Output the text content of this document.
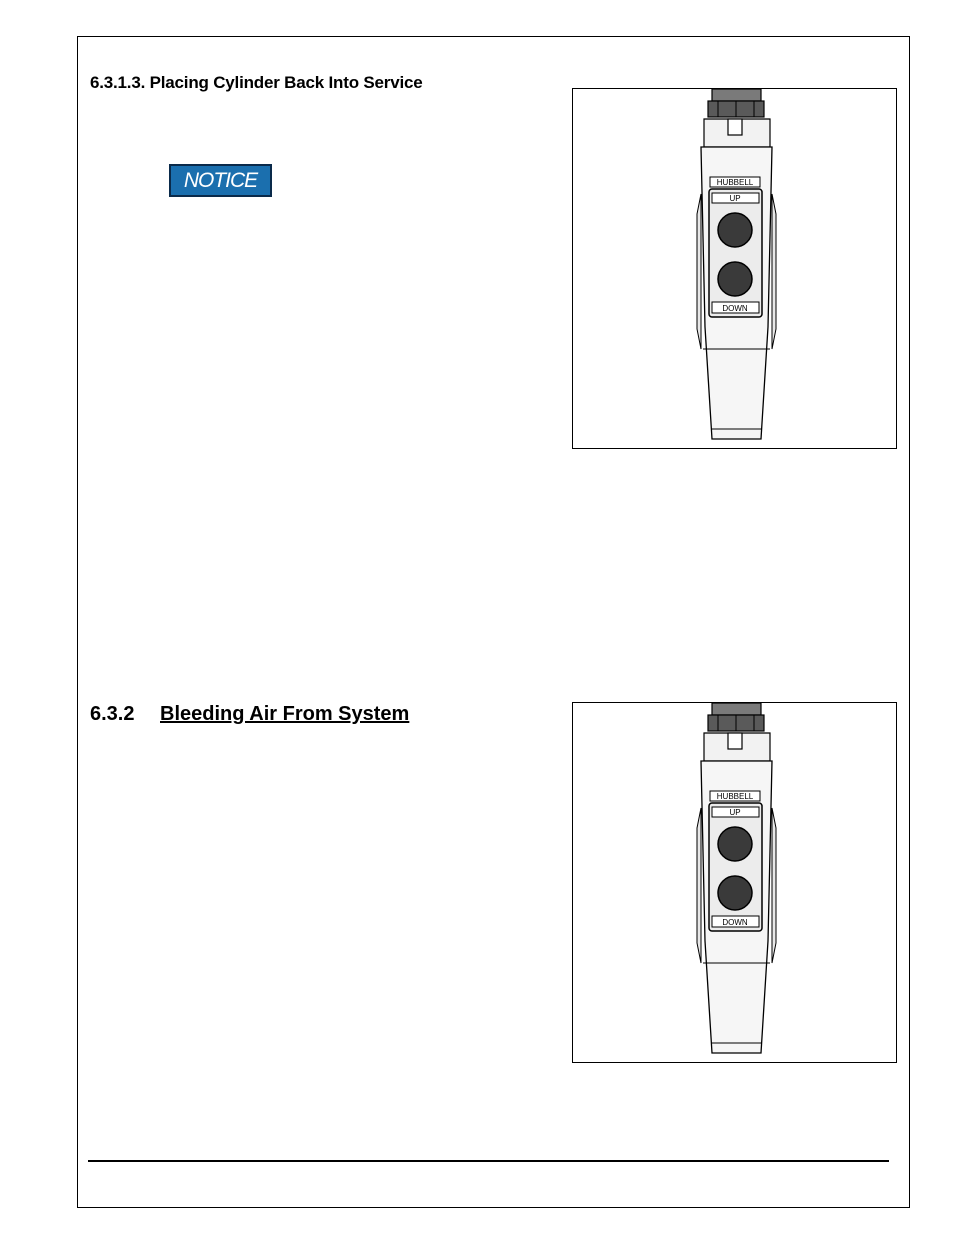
6.3.1.3. Placing Cylinder Back Into Service
NOTICE
6.3.2 Bleeding Air From System
HUBBELL
UP
DOWN
HUBBELL
UP
DOWN
